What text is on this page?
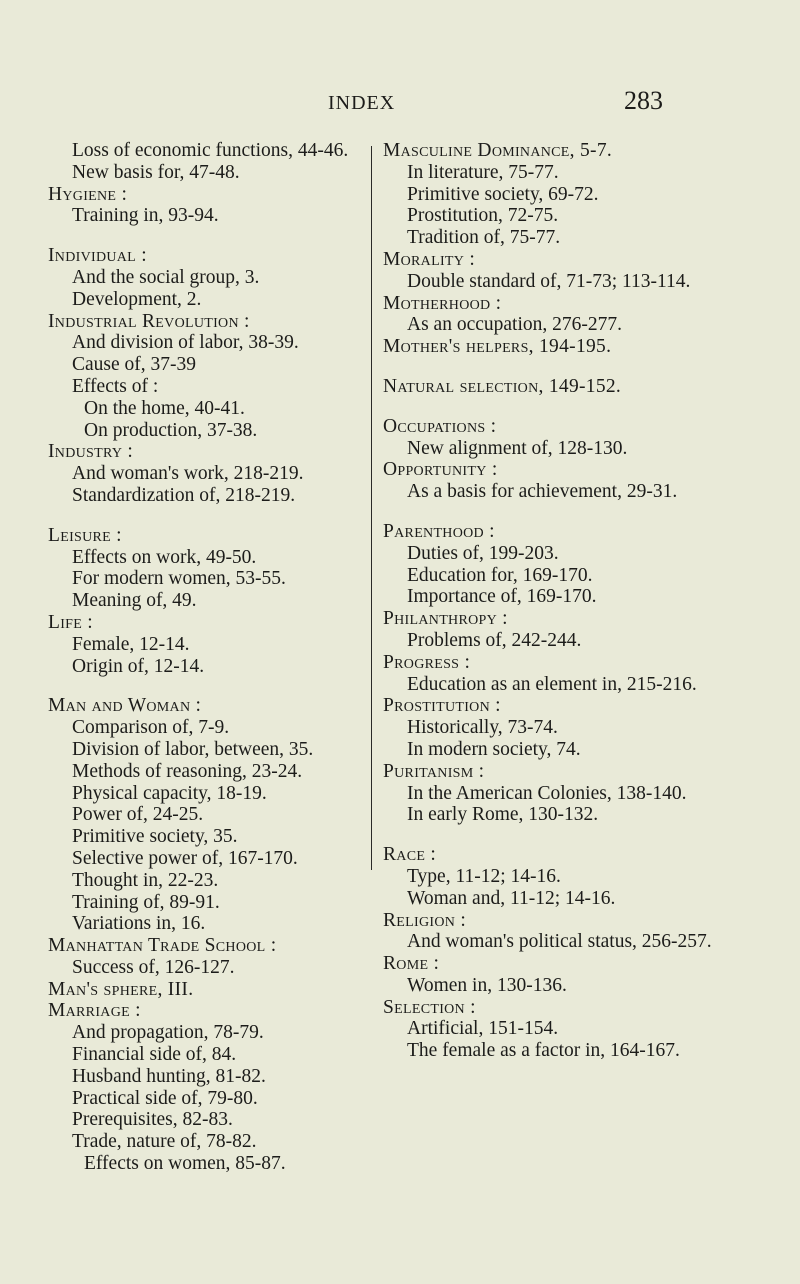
INDEX	283
Loss of economic functions, 44-46.
New basis for, 47-48.
Hygiene :
Training in, 93-94.
Individual :
And the social group, 3.
Development, 2.
Industrial Revolution :
And division of labor, 38-39.
Cause of, 37-39
Effects of :
On the home, 40-41.
On production, 37-38.
Industry :
And woman's work, 218-219.
Standardization of, 218-219.
Leisure :
Effects on work, 49-50.
For modern women, 53-55.
Meaning of, 49.
Life :
Female, 12-14.
Origin of, 12-14.
Man and Woman :
Comparison of, 7-9.
Division of labor, between, 35.
Methods of reasoning, 23-24.
Physical capacity, 18-19.
Power of, 24-25.
Primitive society, 35.
Selective power of, 167-170.
Thought in, 22-23.
Training of, 89-91.
Variations in, 16.
Manhattan Trade School :
Success of, 126-127.
Man's sphere, III.
Marriage :
And propagation, 78-79.
Financial side of, 84.
Husband hunting, 81-82.
Practical side of, 79-80.
Prerequisites, 82-83.
Trade, nature of, 78-82.
Effects on women, 85-87.
Masculine Dominance, 5-7.
In literature, 75-77.
Primitive society, 69-72.
Prostitution, 72-75.
Tradition of, 75-77.
Morality :
Double standard of, 71-73; 113-114.
Motherhood :
As an occupation, 276-277.
Mother's helpers, 194-195.
Natural selection, 149-152.
Occupations :
New alignment of, 128-130.
Opportunity :
As a basis for achievement, 29-31.
Parenthood :
Duties of, 199-203.
Education for, 169-170.
Importance of, 169-170.
Philanthropy :
Problems of, 242-244.
Progress :
Education as an element in, 215-216.
Prostitution :
Historically, 73-74.
In modern society, 74.
Puritanism :
In the American Colonies, 138-140.
In early Rome, 130-132.
Race :
Type, 11-12; 14-16.
Woman and, 11-12; 14-16.
Religion :
And woman's political status, 256-257.
Rome :
Women in, 130-136.
Selection :
Artificial, 151-154.
The female as a factor in, 164-167.
